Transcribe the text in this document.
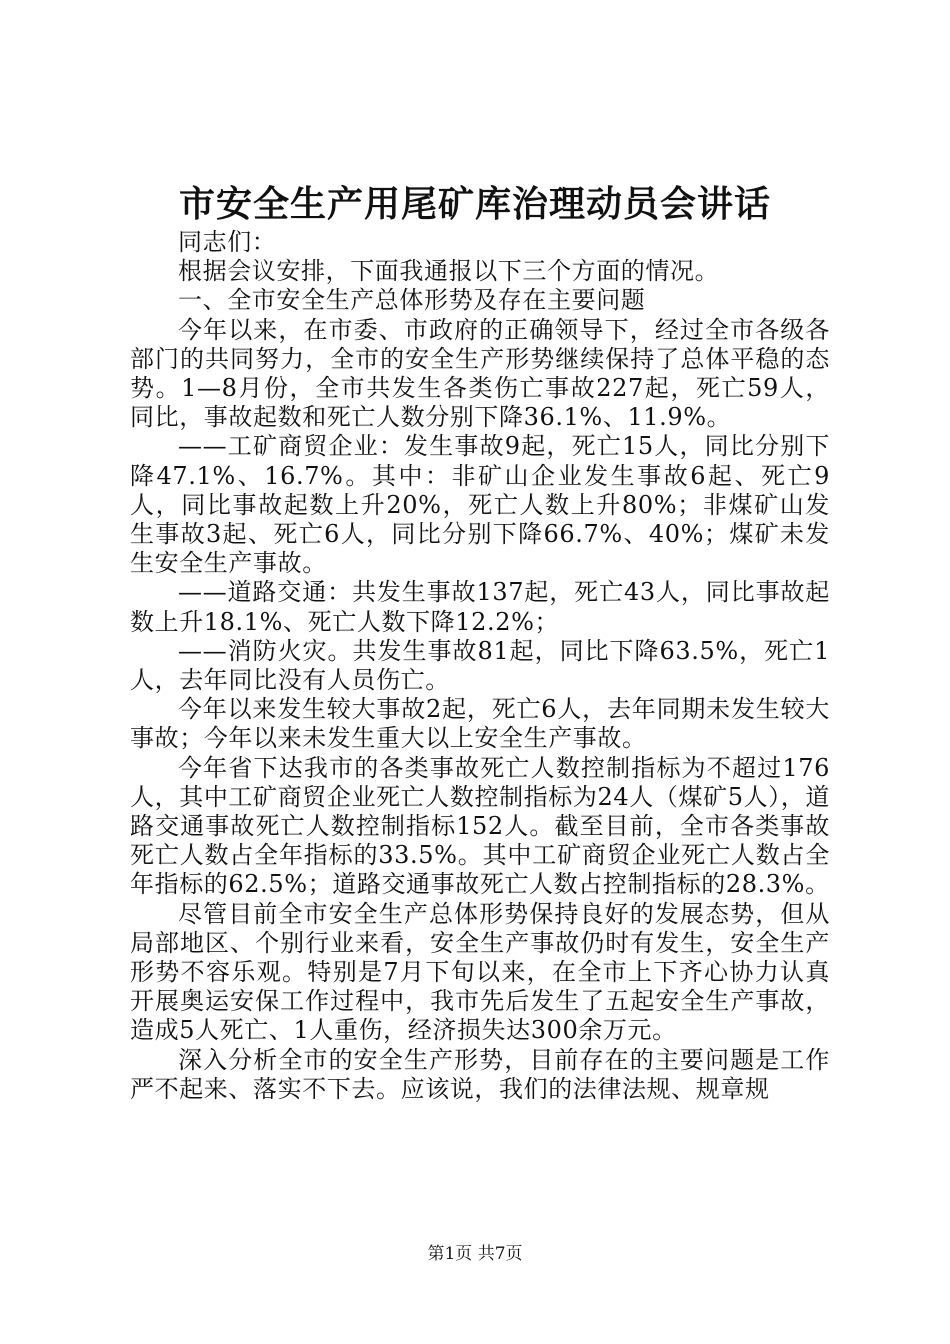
市安全生产用尾矿库治理动员会讲话

同志们：

根据会议安排，下面我通报以下三个方面的情况。

一、全市安全生产总体形势及存在主要问题

今年以来，在市委、市政府的正确领导下，经过全市各级各部门的共同努力，全市的安全生产形势继续保持了总体平稳的态势。1—8月份，全市共发生各类伤亡事故227起，死亡59人，同比，事故起数和死亡人数分别下降36.1%、11.9%。

——工矿商贸企业：发生事故9起，死亡15人，同比分别下降47.1%、16.7%。其中：非矿山企业发生事故6起、死亡9人，同比事故起数上升20%，死亡人数上升80%；非煤矿山发生事故3起、死亡6人，同比分别下降66.7%、40%；煤矿未发生安全生产事故。

——道路交通：共发生事故137起，死亡43人，同比事故起数上升18.1%、死亡人数下降12.2%；

——消防火灾。共发生事故81起，同比下降63.5%，死亡1人，去年同比没有人员伤亡。

今年以来发生较大事故2起，死亡6人，去年同期未发生较大事故；今年以来未发生重大以上安全生产事故。

今年省下达我市的各类事故死亡人数控制指标为不超过176人，其中工矿商贸企业死亡人数控制指标为24人（煤矿5人），道路交通事故死亡人数控制指标152人。截至目前，全市各类事故死亡人数占全年指标的33.5%。其中工矿商贸企业死亡人数占全年指标的62.5%；道路交通事故死亡人数占控制指标的28.3%。

尽管目前全市安全生产总体形势保持良好的发展态势，但从局部地区、个别行业来看，安全生产事故仍时有发生，安全生产形势不容乐观。特别是7月下旬以来，在全市上下齐心协力认真开展奥运安保工作过程中，我市先后发生了五起安全生产事故，造成5人死亡、1人重伤，经济损失达300余万元。

深入分析全市的安全生产形势，目前存在的主要问题是工作严不起来、落实不下去。应该说，我们的法律法规、规章规

第1页 共7页
